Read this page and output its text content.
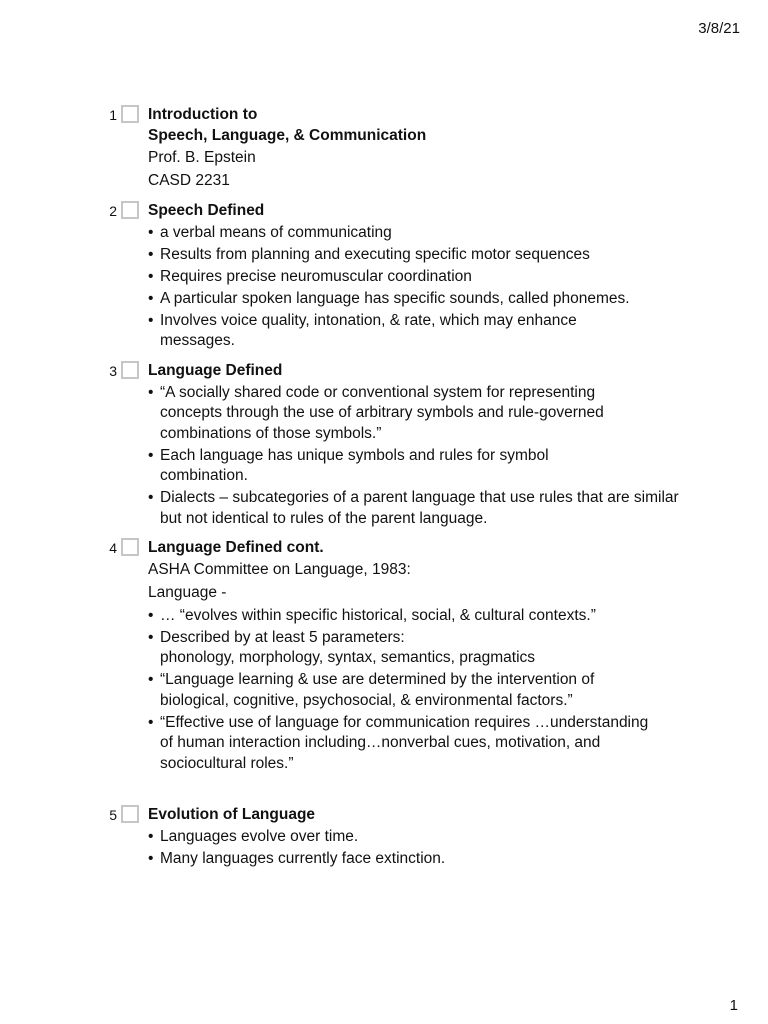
3/8/21
1 Introduction to
Speech, Language, & Communication
Prof. B. Epstein
CASD 2231
2 Speech Defined
• a verbal means of communicating
• Results from planning and executing specific motor sequences
• Requires precise neuromuscular coordination
• A particular spoken language has specific sounds, called phonemes.
• Involves voice quality, intonation, & rate, which may enhance messages.
3 Language Defined
• “A socially shared code or conventional system for representing concepts through the use of arbitrary symbols and rule-governed combinations of those symbols.”
• Each language has unique symbols and rules for symbol combination.
• Dialects – subcategories of a parent language that use rules that are similar but not identical to rules of the parent language.
4 Language Defined cont.
ASHA Committee on Language, 1983:
Language -
• … “evolves within specific historical, social, & cultural contexts.”
• Described by at least 5 parameters:
phonology, morphology, syntax, semantics, pragmatics
• “Language learning & use are determined by the intervention of biological, cognitive, psychosocial, & environmental factors.”
• “Effective use of language for communication requires …understanding of human interaction including…nonverbal cues, motivation, and sociocultural roles.”
5 Evolution of Language
• Languages evolve over time.
• Many languages currently face extinction.
1
